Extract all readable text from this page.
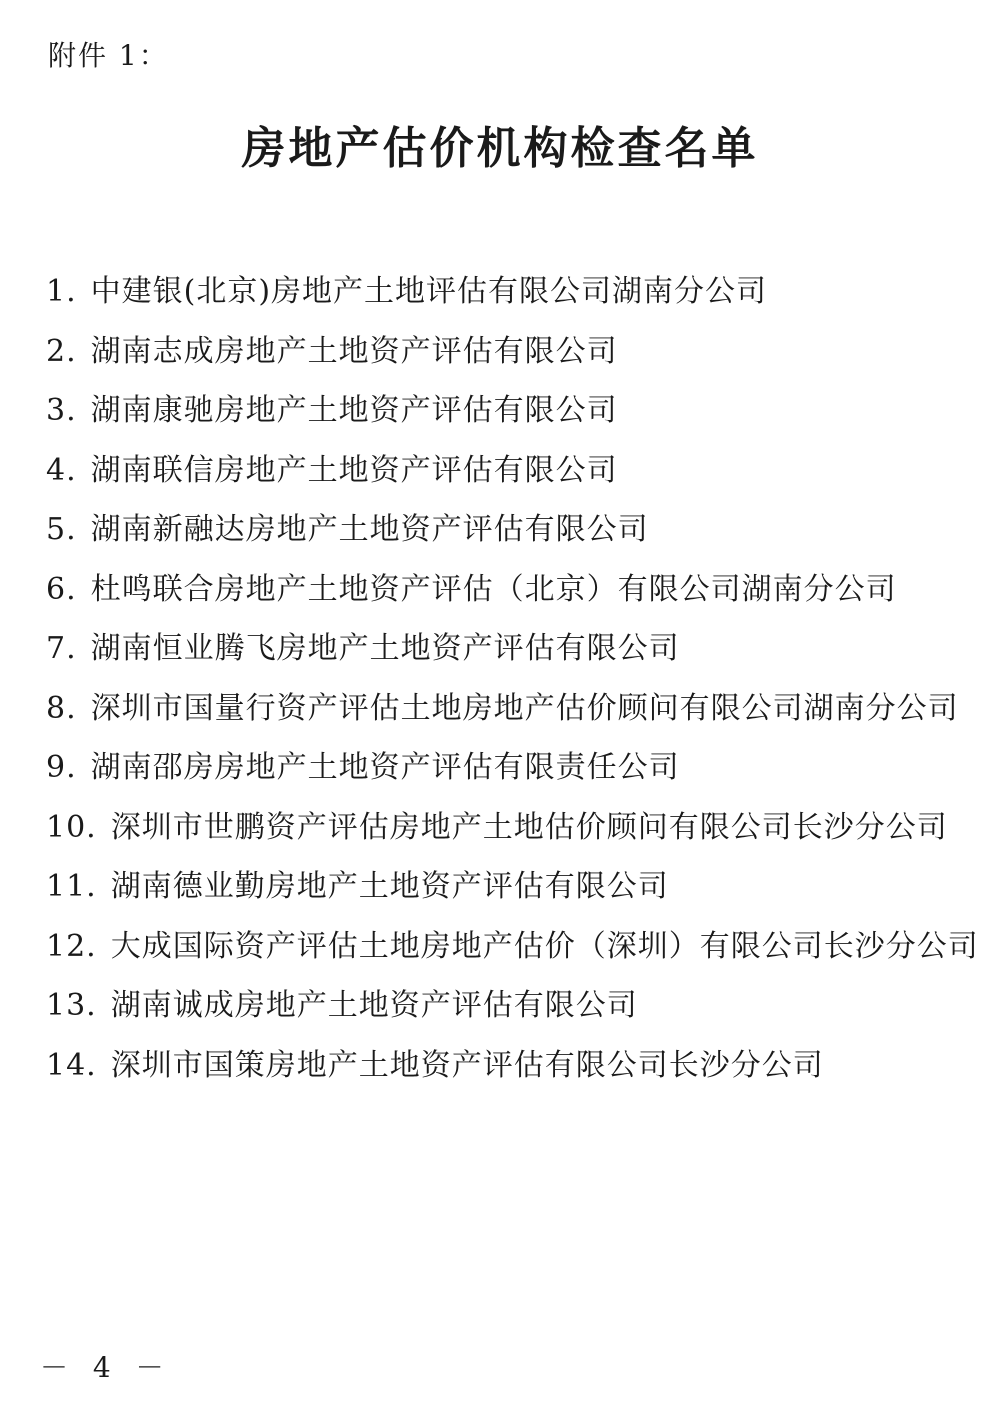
附件 1：
房地产估价机构检查名单
1. 中建银(北京)房地产土地评估有限公司湖南分公司
2. 湖南志成房地产土地资产评估有限公司
3. 湖南康驰房地产土地资产评估有限公司
4. 湖南联信房地产土地资产评估有限公司
5. 湖南新融达房地产土地资产评估有限公司
6. 杜鸣联合房地产土地资产评估（北京）有限公司湖南分公司
7. 湖南恒业腾飞房地产土地资产评估有限公司
8. 深圳市国量行资产评估土地房地产估价顾问有限公司湖南分公司
9. 湖南邵房房地产土地资产评估有限责任公司
10. 深圳市世鹏资产评估房地产土地估价顾问有限公司长沙分公司
11. 湖南德业勤房地产土地资产评估有限公司
12. 大成国际资产评估土地房地产估价（深圳）有限公司长沙分公司
13. 湖南诚成房地产土地资产评估有限公司
14. 深圳市国策房地产土地资产评估有限公司长沙分公司
－ 4 －
